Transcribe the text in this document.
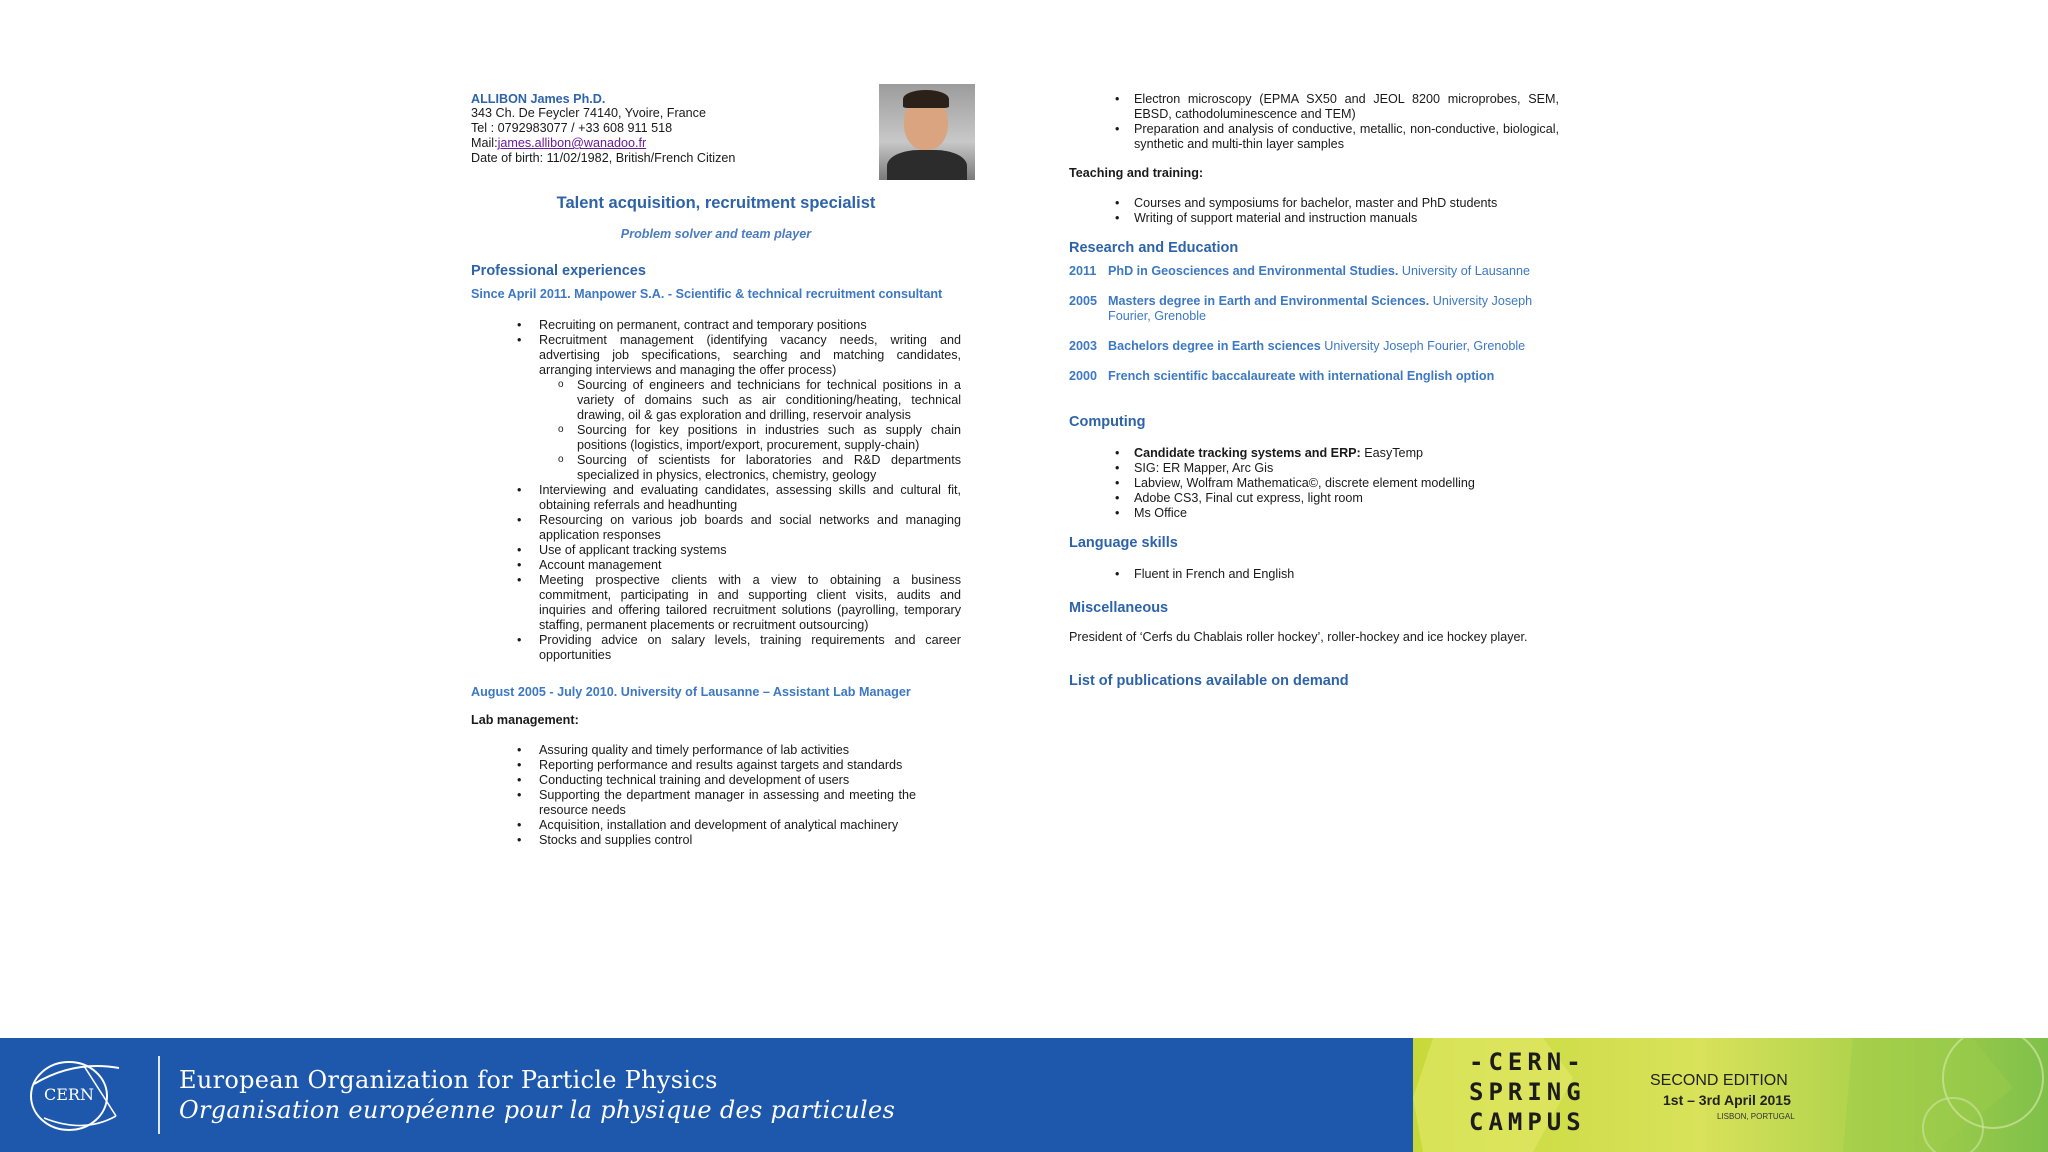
ALLIBON James Ph.D.
343 Ch. De Feycler 74140, Yvoire, France
Tel : 0792983077 / +33 608 911 518
Mail:james.allibon@wanadoo.fr
Date of birth: 11/02/1982, British/French Citizen
Talent acquisition, recruitment specialist
Problem solver and team player
Professional experiences
Since April 2011. Manpower S.A. - Scientific & technical recruitment consultant
• Recruiting on permanent, contract and temporary positions
• Recruitment management (identifying vacancy needs, writing and advertising job specifications, searching and matching candidates, arranging interviews and managing the offer process)
o Sourcing of engineers and technicians for technical positions in a variety of domains such as air conditioning/heating, technical drawing, oil & gas exploration and drilling, reservoir analysis
o Sourcing for key positions in industries such as supply chain positions (logistics, import/export, procurement, supply-chain)
o Sourcing of scientists for laboratories and R&D departments specialized in physics, electronics, chemistry, geology
• Interviewing and evaluating candidates, assessing skills and cultural fit, obtaining referrals and headhunting
• Resourcing on various job boards and social networks and managing application responses
• Use of applicant tracking systems
• Account management
• Meeting prospective clients with a view to obtaining a business commitment, participating in and supporting client visits, audits and inquiries and offering tailored recruitment solutions (payrolling, temporary staffing, permanent placements or recruitment outsourcing)
• Providing advice on salary levels, training requirements and career opportunities
August 2005 - July 2010. University of Lausanne – Assistant Lab Manager
Lab management:
• Assuring quality and timely performance of lab activities
• Reporting performance and results against targets and standards
• Conducting technical training and development of users
• Supporting the department manager in assessing and meeting the resource needs
• Acquisition, installation and development of analytical machinery
• Stocks and supplies control
• Electron microscopy (EPMA SX50 and JEOL 8200 microprobes, SEM, EBSD, cathodoluminescence and TEM)
• Preparation and analysis of conductive, metallic, non-conductive, biological, synthetic and multi-thin layer samples
Teaching and training:
• Courses and symposiums for bachelor, master and PhD students
• Writing of support material and instruction manuals
Research and Education
2011 PhD in Geosciences and Environmental Studies. University of Lausanne
2005 Masters degree in Earth and Environmental Sciences. University Joseph Fourier, Grenoble
2003 Bachelors degree in Earth sciences University Joseph Fourier, Grenoble
2000 French scientific baccalaureate with international English option
Computing
• Candidate tracking systems and ERP: EasyTemp
• SIG: ER Mapper, Arc Gis
• Labview, Wolfram Mathematica©, discrete element modelling
• Adobe CS3, Final cut express, light room
• Ms Office
Language skills
• Fluent in French and English
Miscellaneous
President of ‘Cerfs du Chablais roller hockey’, roller-hockey and ice hockey player.
List of publications available on demand
CERN
European Organization for Particle Physics
Organisation européenne pour la physique des particules
-CERN-
SPRING
CAMPUS
SECOND EDITION
1st – 3rd April 2015
LISBON, PORTUGAL
